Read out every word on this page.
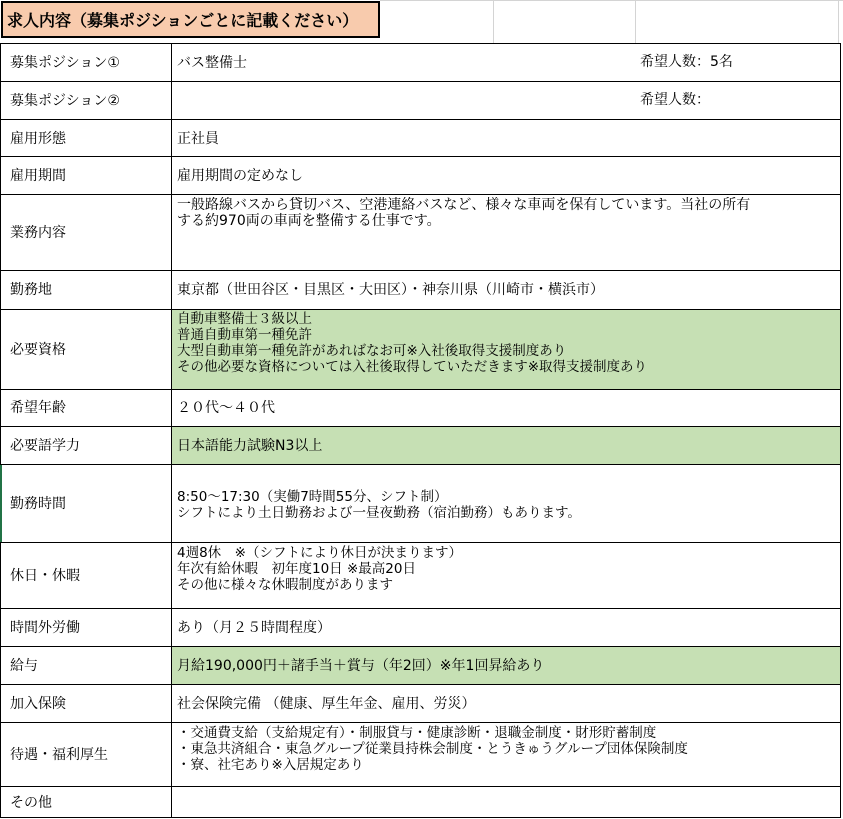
求人内容（募集ポジションごとに記載ください）
募集ポジション①
募集ポジション②
雇用形態
雇用期間
業務内容
勤務地
必要資格
希望年齢
必要語学力
勤務時間
休日・休暇
時間外労働
給与
加入保険
待遇・福利厚生
その他
バス整備士	希望人数：5名
希望人数：
正社員
雇用期間の定めなし
一般路線バスから貸切バス、空港連絡バスなど、様々な車両を保有しています。当社の所有
する約970両の車両を整備する仕事です。
東京都（世田谷区・目黒区・大田区）・神奈川県（川崎市・横浜市）
自動車整備士３級以上
普通自動車第一種免許
大型自動車第一種免許があればなお可※入社後取得支援制度あり
その他必要な資格については入社後取得していただきます※取得支援制度あり
２０代～４０代
日本語能力試験N3以上
8:50～17:30（実働7時間55分、シフト制）
シフトにより土日勤務および一昼夜勤務（宿泊勤務）もあります。
4週8休　※（シフトにより休日が決まります）
年次有給休暇　初年度10日 ※最高20日
その他に様々な休暇制度があります
あり（月２５時間程度）
月給190,000円＋諸手当＋賞与（年2回）※年1回昇給あり
社会保険完備 （健康、厚生年金、雇用、労災）
・交通費支給（支給規定有）・制服貸与・健康診断・退職金制度・財形貯蓄制度
・東急共済組合・東急グループ従業員持株会制度・とうきゅうグループ団体保険制度
・寮、社宅あり※入居規定あり
